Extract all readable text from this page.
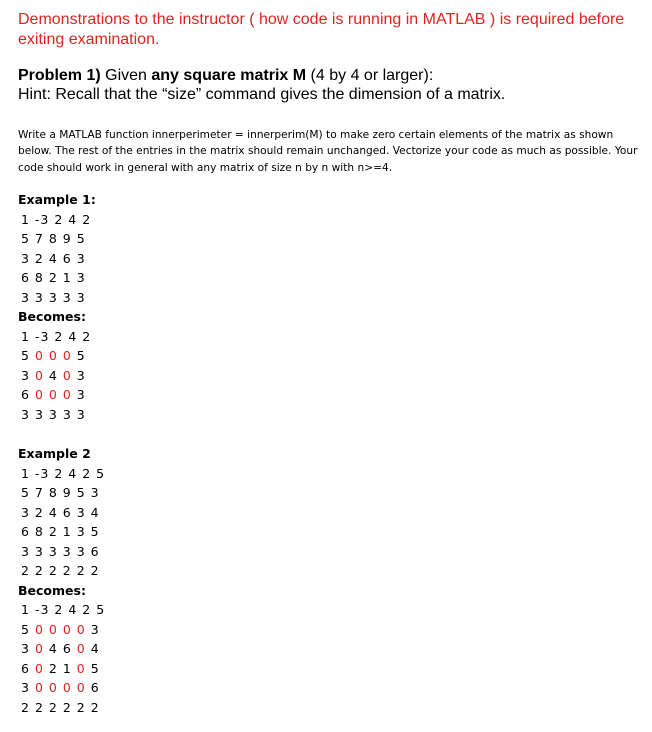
Demonstrations to the instructor ( how code is running in MATLAB ) is required before exiting examination.

Problem 1) Given any square matrix M (4 by 4 or larger):
Hint: Recall that the “size” command gives the dimension of a matrix.

Write a MATLAB function innerperimeter = innerperim(M) to make zero certain elements of the matrix as shown below. The rest of the entries in the matrix should remain unchanged. Vectorize your code as much as possible. Your code should work in general with any matrix of size n by n with n>=4.

Example 1:
1 -3 2 4 2
5 7 8 9 5
3 2 4 6 3
6 8 2 1 3
3 3 3 3 3
Becomes:
1 -3 2 4 2
5 0 0 0 5
3 0 4 0 3
6 0 0 0 3
3 3 3 3 3
Example 2
1 -3 2 4 2 5
5 7 8 9 5 3
3 2 4 6 3 4
6 8 2 1 3 5
3 3 3 3 3 6
2 2 2 2 2 2
Becomes:
1 -3 2 4 2 5
5 0 0 0 0 3
3 0 4 6 0 4
6 0 2 1 0 5
3 0 0 0 0 6
2 2 2 2 2 2
